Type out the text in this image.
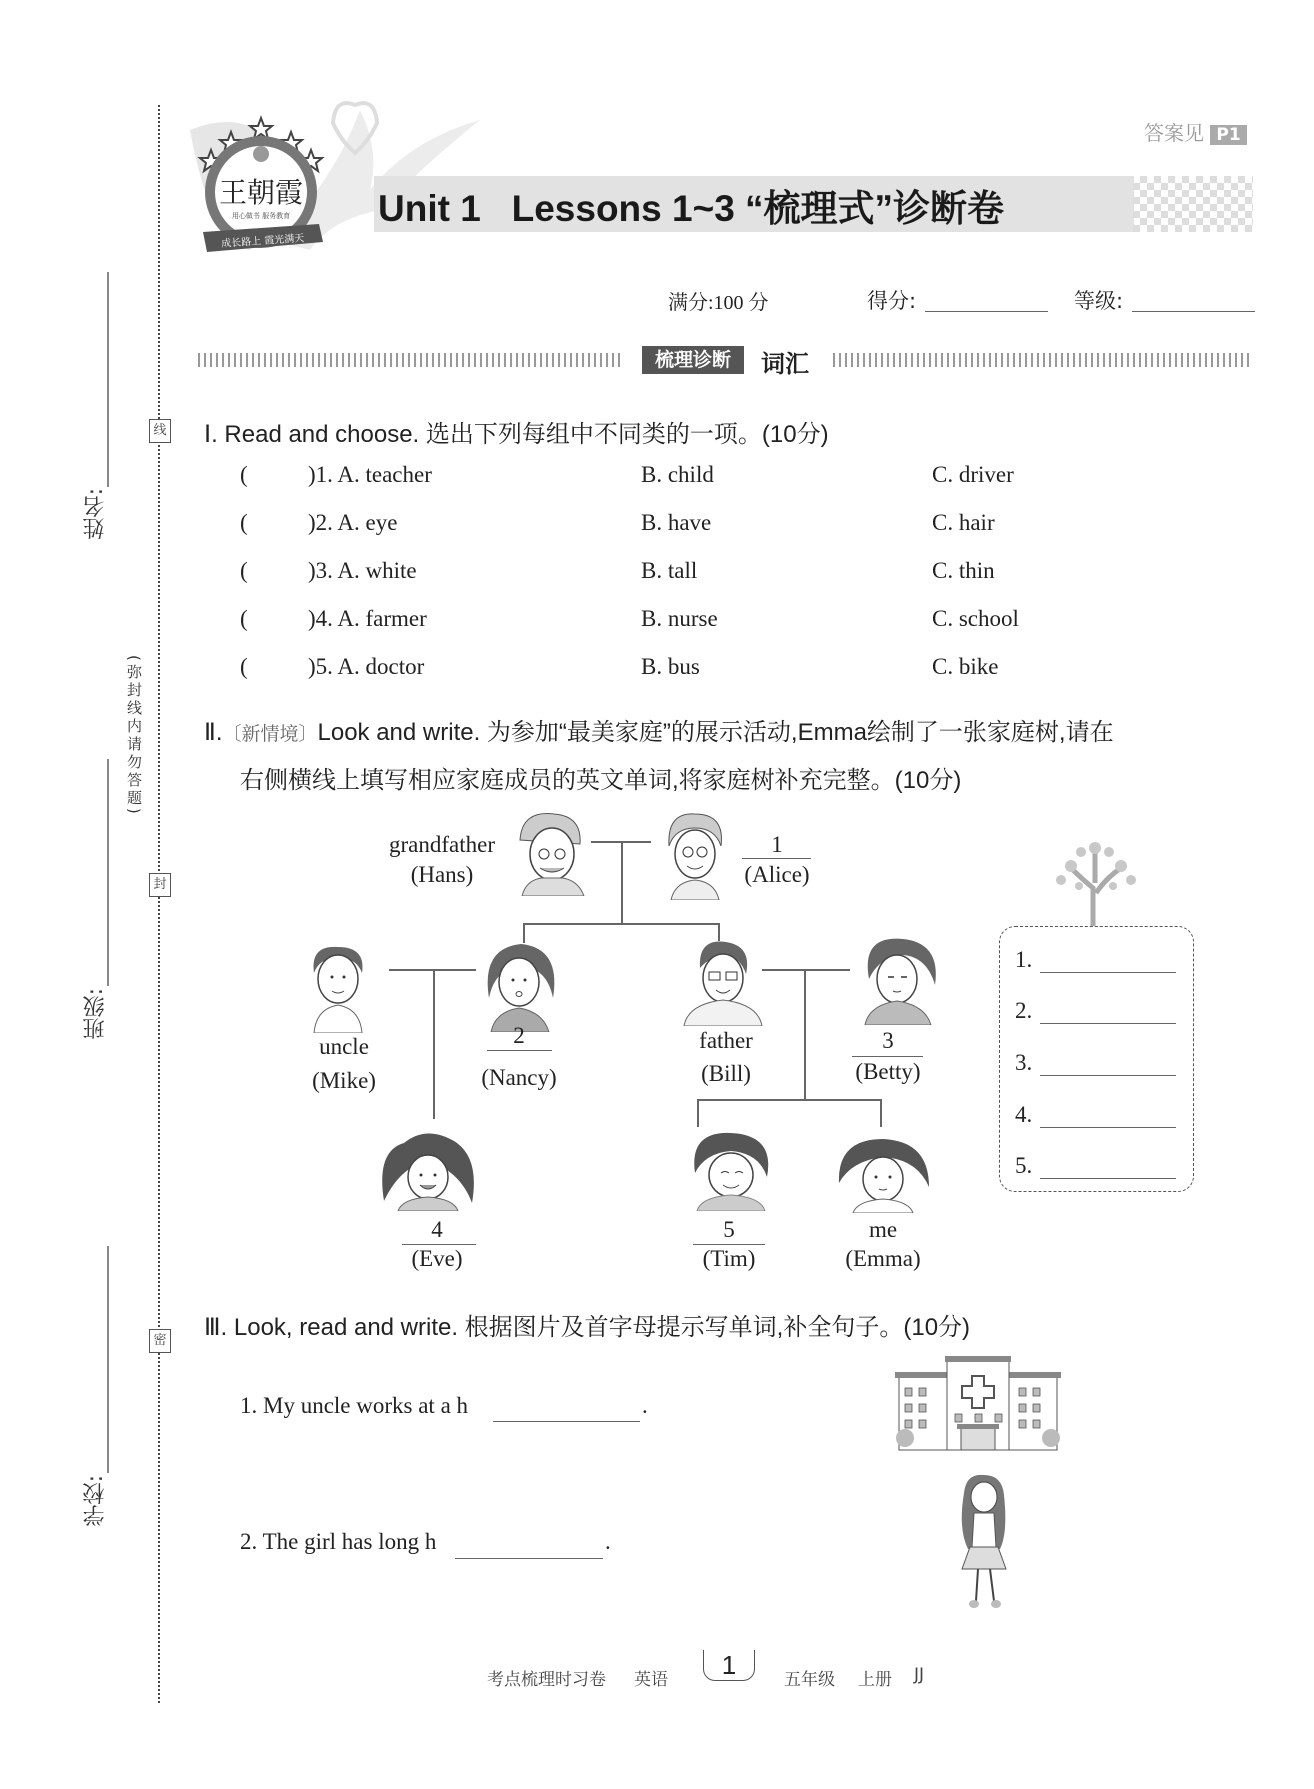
姓名:
班级:
学校:
线
封
密
(弥封线内请勿答题)
王朝霞
用心做书 服务教育
成长路上 霞光满天
答案见 P1
Unit 1   Lessons 1~3 “梳理式”诊断卷
满分:100 分	得分:	等级:
梳理诊断	词汇
Ⅰ. Read and choose. 选出下列每组中不同类的一项。(10分)
(	)1. A. teacher	B. child	C. driver
(	)2. A. eye	B. have	C. hair
(	)3. A. white	B. tall	C. thin
(	)4. A. farmer	B. nurse	C. school
(	)5. A. doctor	B. bus	C. bike
Ⅱ.〔新情境〕Look and write. 为参加“最美家庭”的展示活动,Emma绘制了一张家庭树,请在
右侧横线上填写相应家庭成员的英文单词,将家庭树补充完整。(10分)
grandfather
(Hans)
1
(Alice)
uncle
(Mike)
2
(Nancy)
father
(Bill)
3
(Betty)
4
(Eve)
5
(Tim)
me
(Emma)
1.
2.
3.
4.
5.
Ⅲ. Look, read and write. 根据图片及首字母提示写单词,补全句子。(10分)
1. My uncle works at a h	.
2. The girl has long h	.
考点梳理时习卷 英语	1	五年级 上册 JJ
